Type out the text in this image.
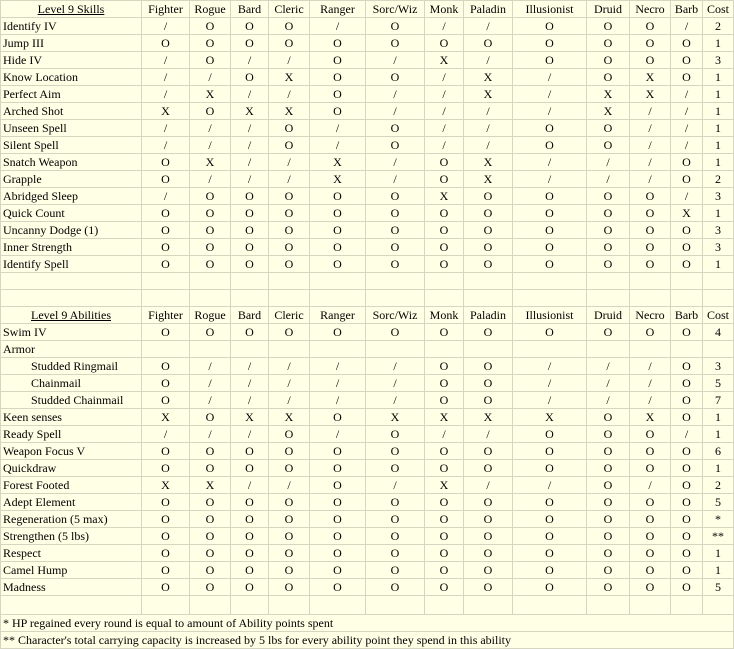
Level 9 Skills	Fighter	Rogue	Bard	Cleric	Ranger	Sorc/Wiz	Monk	Paladin	Illusionist	Druid	Necro	Barb	Cost
Identify IV	/	O	O	O	/	O	/	/	O	O	O	/	2
Jump III	O	O	O	O	O	O	O	O	O	O	O	O	1
Hide IV	/	O	/	/	O	/	X	/	O	O	O	O	3
Know Location	/	/	O	X	O	O	/	X	/	O	X	O	1
Perfect Aim	/	X	/	/	O	/	/	X	/	X	X	/	1
Arched Shot	X	O	X	X	O	/	/	/	/	X	/	/	1
Unseen Spell	/	/	/	O	/	O	/	/	O	O	/	/	1
Silent Spell	/	/	/	O	/	O	/	/	O	O	/	/	1
Snatch Weapon	O	X	/	/	X	/	O	X	/	/	/	O	1
Grapple	O	/	/	/	X	/	O	X	/	/	/	O	2
Abridged Sleep	/	O	O	O	O	O	X	O	O	O	O	/	3
Quick Count	O	O	O	O	O	O	O	O	O	O	O	X	1
Uncanny Dodge (1)	O	O	O	O	O	O	O	O	O	O	O	O	3
Inner Strength	O	O	O	O	O	O	O	O	O	O	O	O	3
Identify Spell	O	O	O	O	O	O	O	O	O	O	O	O	1

Level 9 Abilities	Fighter	Rogue	Bard	Cleric	Ranger	Sorc/Wiz	Monk	Paladin	Illusionist	Druid	Necro	Barb	Cost
Swim IV	O	O	O	O	O	O	O	O	O	O	O	O	4
Armor													
Studded Ringmail	O	/	/	/	/	/	O	O	/	/	/	O	3
Chainmail	O	/	/	/	/	/	O	O	/	/	/	O	5
Studded Chainmail	O	/	/	/	/	/	O	O	/	/	/	O	7
Keen senses	X	O	X	X	O	X	X	X	X	O	X	O	1
Ready Spell	/	/	/	O	/	O	/	/	O	O	O	/	1
Weapon Focus V	O	O	O	O	O	O	O	O	O	O	O	O	6
Quickdraw	O	O	O	O	O	O	O	O	O	O	O	O	1
Forest Footed	X	X	/	/	O	/	X	/	/	O	/	O	2
Adept Element	O	O	O	O	O	O	O	O	O	O	O	O	5
Regeneration (5 max)	O	O	O	O	O	O	O	O	O	O	O	O	*
Strengthen (5 lbs)	O	O	O	O	O	O	O	O	O	O	O	O	**
Respect	O	O	O	O	O	O	O	O	O	O	O	O	1
Camel Hump	O	O	O	O	O	O	O	O	O	O	O	O	1
Madness	O	O	O	O	O	O	O	O	O	O	O	O	5

* HP regained every round is equal to amount of Ability points spent													
** Character's total carrying capacity is increased by 5 lbs for every ability point they spend in this ability													
